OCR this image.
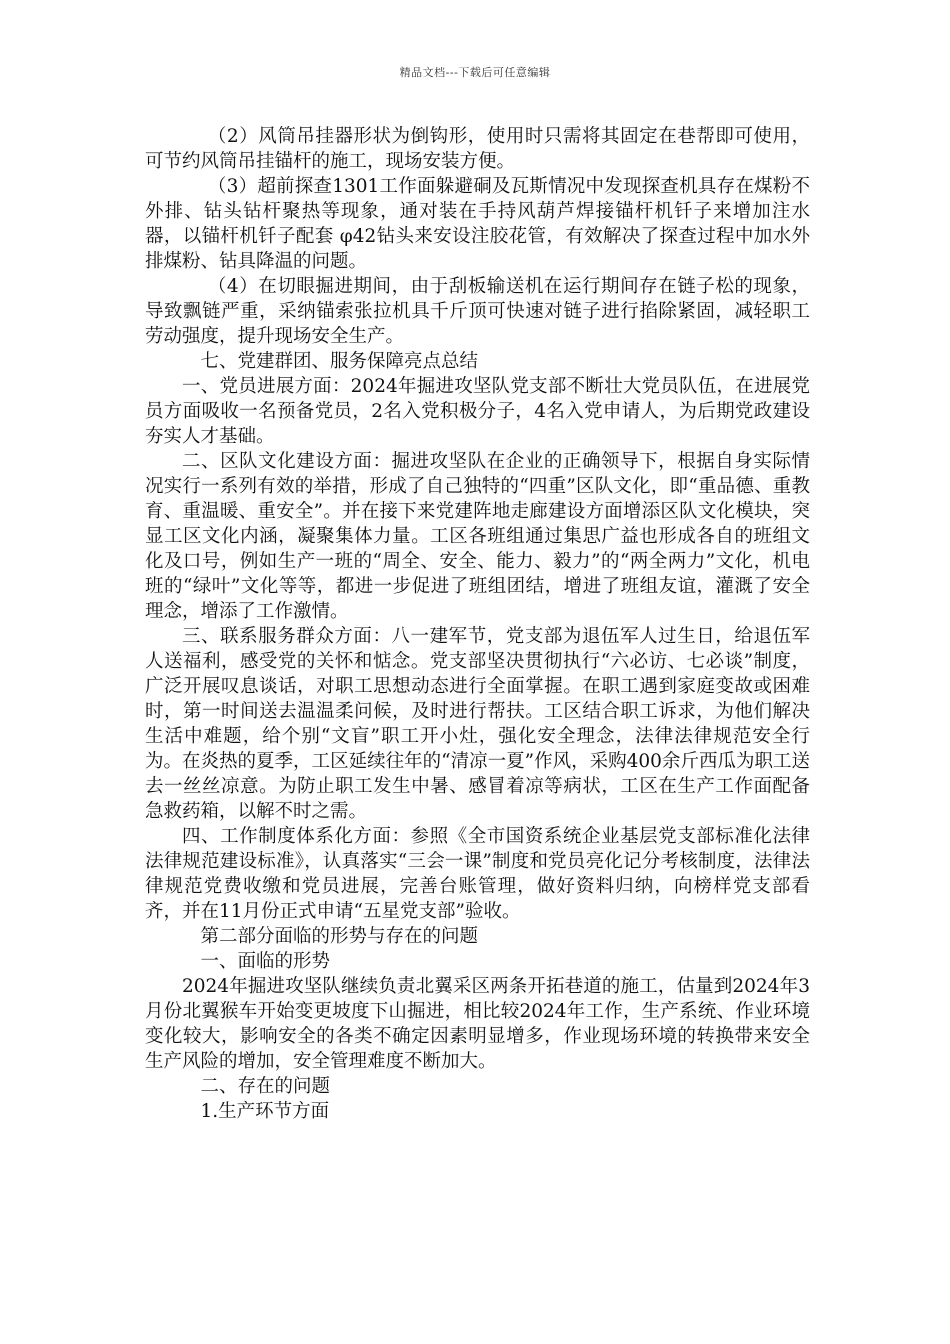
精品文档---下载后可任意编辑

（2）风筒吊挂器形状为倒钩形，使用时只需将其固定在巷帮即可使用，可节约风筒吊挂锚杆的施工，现场安装方便。

（3）超前探查1301工作面躲避硐及瓦斯情况中发现探查机具存在煤粉不外排、钻头钻杆聚热等现象，通对装在手持风葫芦焊接锚杆机钎子来增加注水器，以锚杆机钎子配套 φ42钻头来安设注胶花管，有效解决了探查过程中加水外排煤粉、钻具降温的问题。

（4）在切眼掘进期间，由于刮板输送机在运行期间存在链子松的现象，导致飘链严重，采纳锚索张拉机具千斤顶可快速对链子进行掐除紧固，减轻职工劳动强度，提升现场安全生产。

七、党建群团、服务保障亮点总结

一、党员进展方面：2024年掘进攻坚队党支部不断壮大党员队伍，在进展党员方面吸收一名预备党员，2名入党积极分子，4名入党申请人，为后期党政建设夯实人才基础。

二、区队文化建设方面：掘进攻坚队在企业的正确领导下，根据自身实际情况实行一系列有效的举措，形成了自己独特的“四重”区队文化，即“重品德、重教育、重温暖、重安全”。并在接下来党建阵地走廊建设方面增添区队文化模块，突显工区文化内涵，凝聚集体力量。工区各班组通过集思广益也形成各自的班组文化及口号，例如生产一班的“周全、安全、能力、毅力”的“两全两力”文化，机电班的“绿叶”文化等等，都进一步促进了班组团结，增进了班组友谊，灌溉了安全理念，增添了工作激情。

三、联系服务群众方面：八一建军节，党支部为退伍军人过生日，给退伍军人送福利，感受党的关怀和惦念。党支部坚决贯彻执行“六必访、七必谈”制度，广泛开展叹息谈话，对职工思想动态进行全面掌握。在职工遇到家庭变故或困难时，第一时间送去温温柔问候，及时进行帮扶。工区结合职工诉求，为他们解决生活中难题，给个别“文盲”职工开小灶，强化安全理念，法律法律规范安全行为。在炎热的夏季，工区延续往年的“清凉一夏”作风，采购400余斤西瓜为职工送去一丝丝凉意。为防止职工发生中暑、感冒着凉等病状，工区在生产工作面配备急救药箱，以解不时之需。

四、工作制度体系化方面：参照《全市国资系统企业基层党支部标准化法律法律规范建设标准》，认真落实“三会一课”制度和党员亮化记分考核制度，法律法律规范党费收缴和党员进展，完善台账管理，做好资料归纳，向榜样党支部看齐，并在11月份正式申请“五星党支部”验收。

第二部分面临的形势与存在的问题

一、面临的形势

2024年掘进攻坚队继续负责北翼采区两条开拓巷道的施工，估量到2024年3月份北翼猴车开始变更坡度下山掘进，相比较2024年工作，生产系统、作业环境变化较大，影响安全的各类不确定因素明显增多，作业现场环境的转换带来安全生产风险的增加，安全管理难度不断加大。

二、存在的问题

1.生产环节方面
